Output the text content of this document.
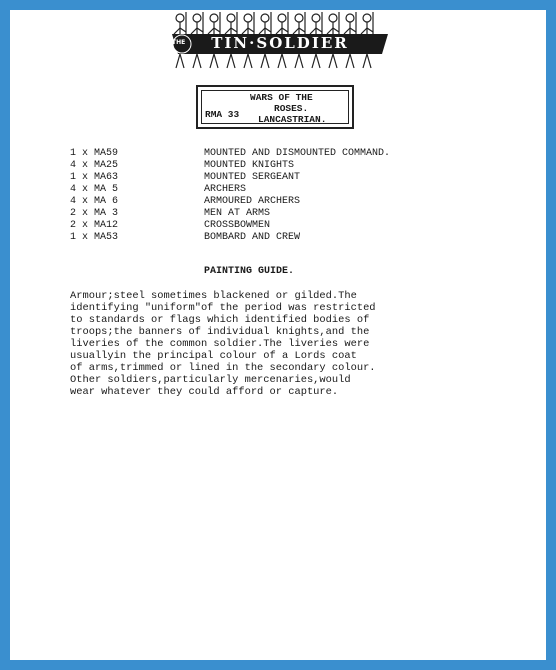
THE	TIN·SOLDIER
WARS OF THE
ROSES.
LANCASTRIAN.
RMA 33
1 x MA59	MOUNTED AND DISMOUNTED COMMAND.
4 x MA25	MOUNTED KNIGHTS
1 x MA63	MOUNTED SERGEANT
4 x MA 5	ARCHERS
4 x MA 6	ARMOURED ARCHERS
2 x MA 3	MEN AT ARMS
2 x MA12	CROSSBOWMEN
1 x MA53	BOMBARD AND CREW
PAINTING GUIDE.
Armour;steel sometimes blackened or gilded.The
identifying "uniform"of the period was restricted
to standards or flags which identified bodies of
troops;the banners of individual knights,and the
liveries of the common soldier.The liveries were
usuallyin the principal colour of a Lords coat
of arms,trimmed or lined in the secondary colour.
Other soldiers,particularly mercenaries,would
wear whatever they could afford or capture.
